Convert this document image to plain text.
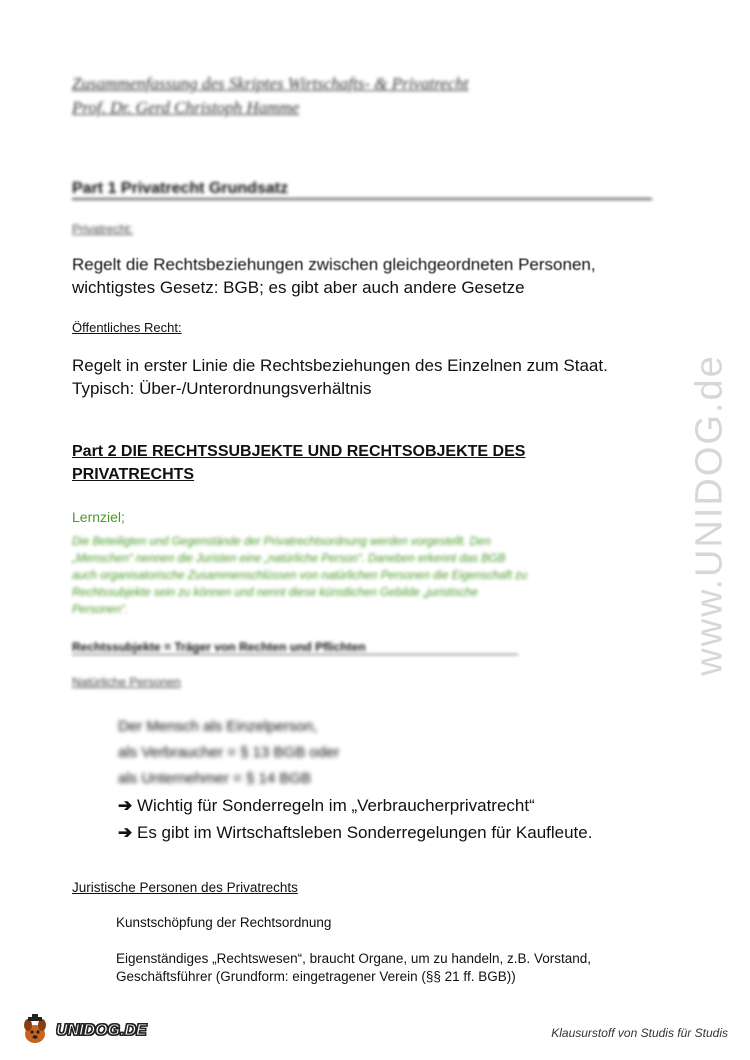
Zusammenfassung des Skriptes Wirtschafts- & Privatrecht
Prof. Dr. Gerd Christoph Hamme
Part 1 Privatrecht Grundsatz
Privatrecht:
Regelt die Rechtsbeziehungen zwischen gleichgeordneten Personen,
wichtigstes Gesetz: BGB; es gibt aber auch andere Gesetze
Öffentliches Recht:
Regelt in erster Linie die Rechtsbeziehungen des Einzelnen zum Staat.
Typisch: Über-/Unterordnungsverhältnis
Part 2 DIE RECHTSSUBJEKTE UND RECHTSOBJEKTE DES
PRIVATRECHTS
Lernziel;
Die Beteiligten und Gegenstände der Privatrechtsordnung werden vorgestellt. Den
„Menschen“ nennen die Juristen eine „natürliche Person“. Daneben erkennt das BGB
auch organisatorische Zusammenschlüssen von natürlichen Personen die Eigenschaft zu
Rechtssubjekte sein zu können und nennt diese künstlichen Gebilde „juristische
Personen“.
Rechtssubjekte = Träger von Rechten und Pflichten
Natürliche Personen
Der Mensch als Einzelperson,
als Verbraucher = § 13 BGB oder
als Unternehmer = § 14 BGB
➔ Wichtig für Sonderregeln im „Verbraucherprivatrecht“
➔ Es gibt im Wirtschaftsleben Sonderregelungen für Kaufleute.
Juristische Personen des Privatrechts
Kunstschöpfung der Rechtsordnung
Eigenständiges „Rechtswesen“, braucht Organe, um zu handeln, z.B. Vorstand,
Geschäftsführer (Grundform: eingetragener Verein (§§ 21 ff. BGB))
www.UNIDOG.de
UNIDOG.DE	Klausurstoff von Studis für Studis
